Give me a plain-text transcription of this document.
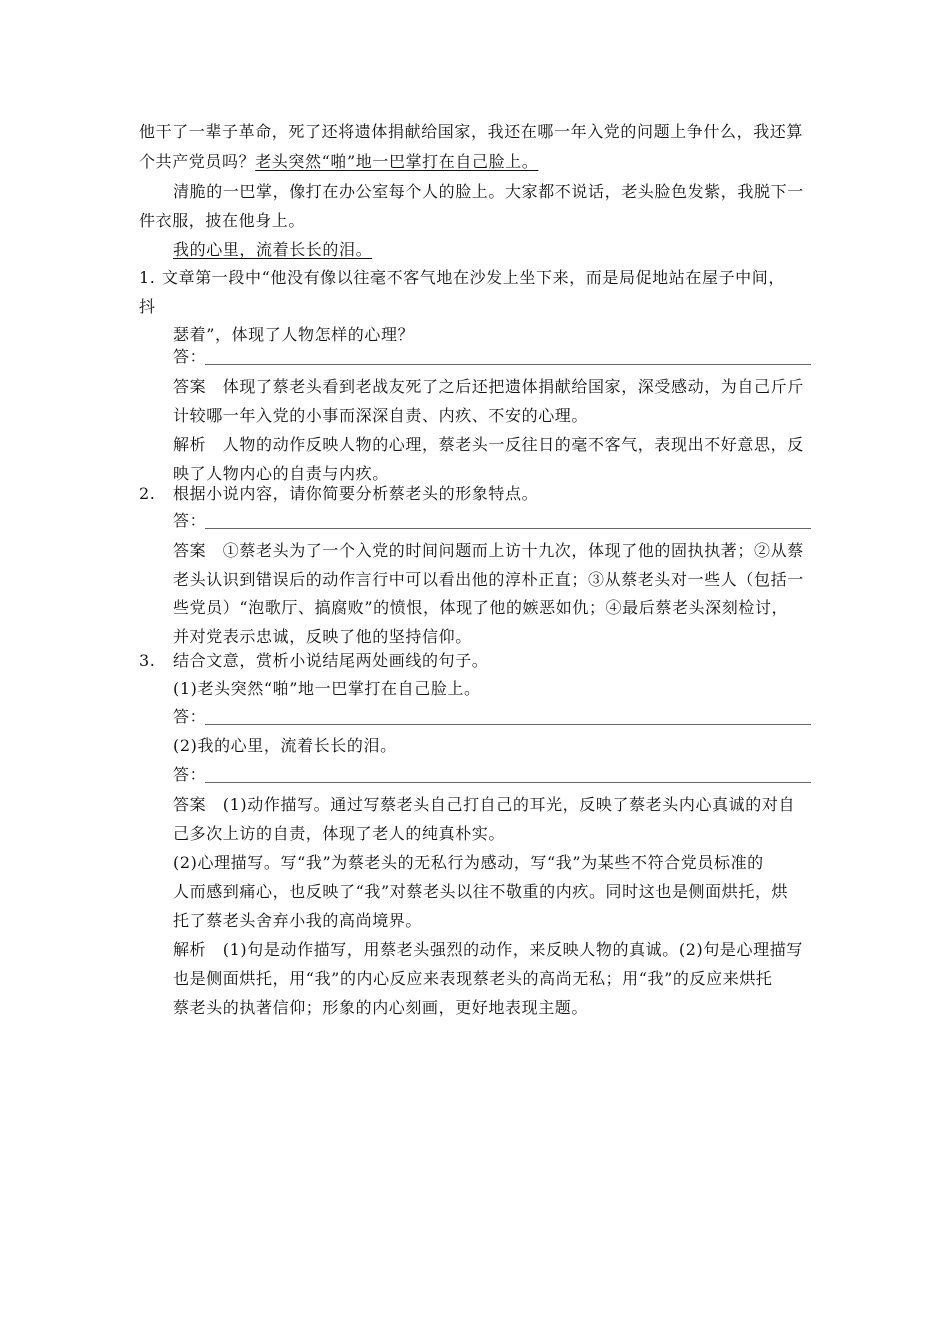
他干了一辈子革命，死了还将遗体捐献给国家，我还在哪一年入党的问题上争什么，我还算
个共产党员吗？老头突然“啪”地一巴掌打在自己脸上。
清脆的一巴掌，像打在办公室每个人的脸上。大家都不说话，老头脸色发紫，我脱下一
件衣服，披在他身上。
我的心里，流着长长的泪。
1. 文章第一段中“他没有像以往毫不客气地在沙发上坐下来，而是局促地站在屋子中间，
抖
瑟着”，体现了人物怎样的心理？
答：
答案　体现了蔡老头看到老战友死了之后还把遗体捐献给国家，深受感动，为自己斤斤
计较哪一年入党的小事而深深自责、内疚、不安的心理。
解析　人物的动作反映人物的心理，蔡老头一反往日的毫不客气，表现出不好意思，反
映了人物内心的自责与内疚。
2. 根据小说内容，请你简要分析蔡老头的形象特点。
答：
答案　①蔡老头为了一个入党的时间问题而上访十九次，体现了他的固执执著；②从蔡
老头认识到错误后的动作言行中可以看出他的淳朴正直；③从蔡老头对一些人（包括一
些党员）“泡歌厅、搞腐败”的愤恨，体现了他的嫉恶如仇；④最后蔡老头深刻检讨，
并对党表示忠诚，反映了他的坚持信仰。
3. 结合文意，赏析小说结尾两处画线的句子。
(1)老头突然“啪”地一巴掌打在自己脸上。
答：
(2)我的心里，流着长长的泪。
答：
答案　(1)动作描写。通过写蔡老头自己打自己的耳光，反映了蔡老头内心真诚的对自
己多次上访的自责，体现了老人的纯真朴实。
(2)心理描写。写“我”为蔡老头的无私行为感动，写“我”为某些不符合党员标准的
人而感到痛心，也反映了“我”对蔡老头以往不敬重的内疚。同时这也是侧面烘托，烘
托了蔡老头舍弃小我的高尚境界。
解析　(1)句是动作描写，用蔡老头强烈的动作，来反映人物的真诚。(2)句是心理描写
也是侧面烘托，用“我”的内心反应来表现蔡老头的高尚无私；用“我”的反应来烘托
蔡老头的执著信仰；形象的内心刻画，更好地表现主题。
